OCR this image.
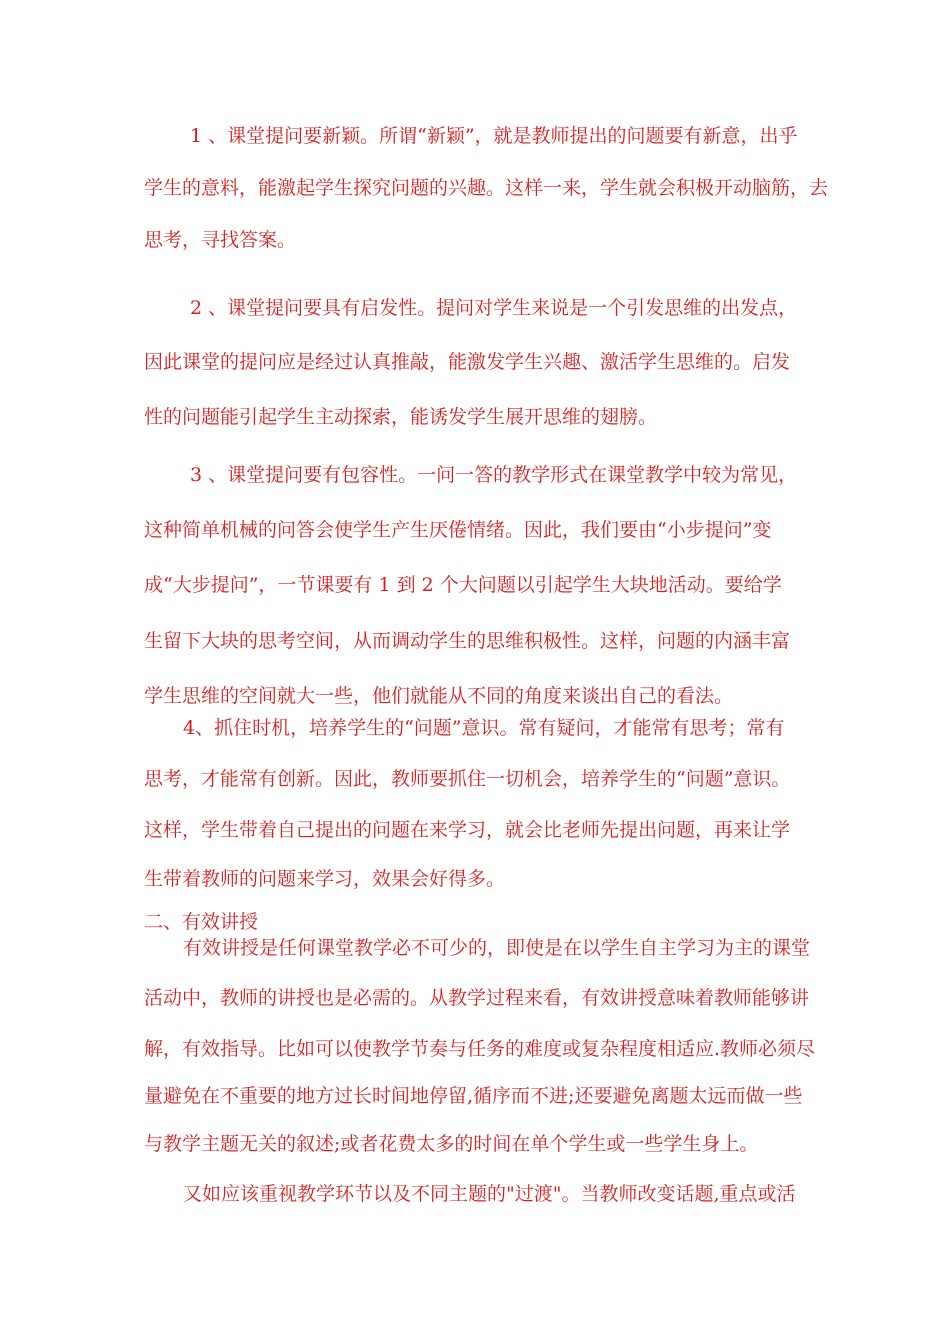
1 、课堂提问要新颖。所谓“新颖”，就是教师提出的问题要有新意，出乎
学生的意料，能激起学生探究问题的兴趣。这样一来，学生就会积极开动脑筋，去
思考，寻找答案。
2 、课堂提问要具有启发性。提问对学生来说是一个引发思维的出发点，
因此课堂的提问应是经过认真推敲，能激发学生兴趣、激活学生思维的。启发
性的问题能引起学生主动探索，能诱发学生展开思维的翅膀。
3 、课堂提问要有包容性。一问一答的教学形式在课堂教学中较为常见，
这种简单机械的问答会使学生产生厌倦情绪。因此，我们要由“小步提问”变
成“大步提问”，一节课要有 1 到 2 个大问题以引起学生大块地活动。要给学
生留下大块的思考空间，从而调动学生的思维积极性。这样，问题的内涵丰富
学生思维的空间就大一些，他们就能从不同的角度来谈出自己的看法。
4、抓住时机，培养学生的“问题”意识。常有疑问，才能常有思考；常有
思考，才能常有创新。因此，教师要抓住一切机会，培养学生的“问题”意识。
这样，学生带着自己提出的问题在来学习，就会比老师先提出问题，再来让学
生带着教师的问题来学习，效果会好得多。
二、有效讲授
有效讲授是任何课堂教学必不可少的，即使是在以学生自主学习为主的课堂
活动中，教师的讲授也是必需的。从教学过程来看，有效讲授意味着教师能够讲
解，有效指导。比如可以使教学节奏与任务的难度或复杂程度相适应.教师必须尽
量避免在不重要的地方过长时间地停留,循序而不进;还要避免离题太远而做一些
与教学主题无关的叙述;或者花费太多的时间在单个学生或一些学生身上。
又如应该重视教学环节以及不同主题的"过渡"。当教师改变话题,重点或活
